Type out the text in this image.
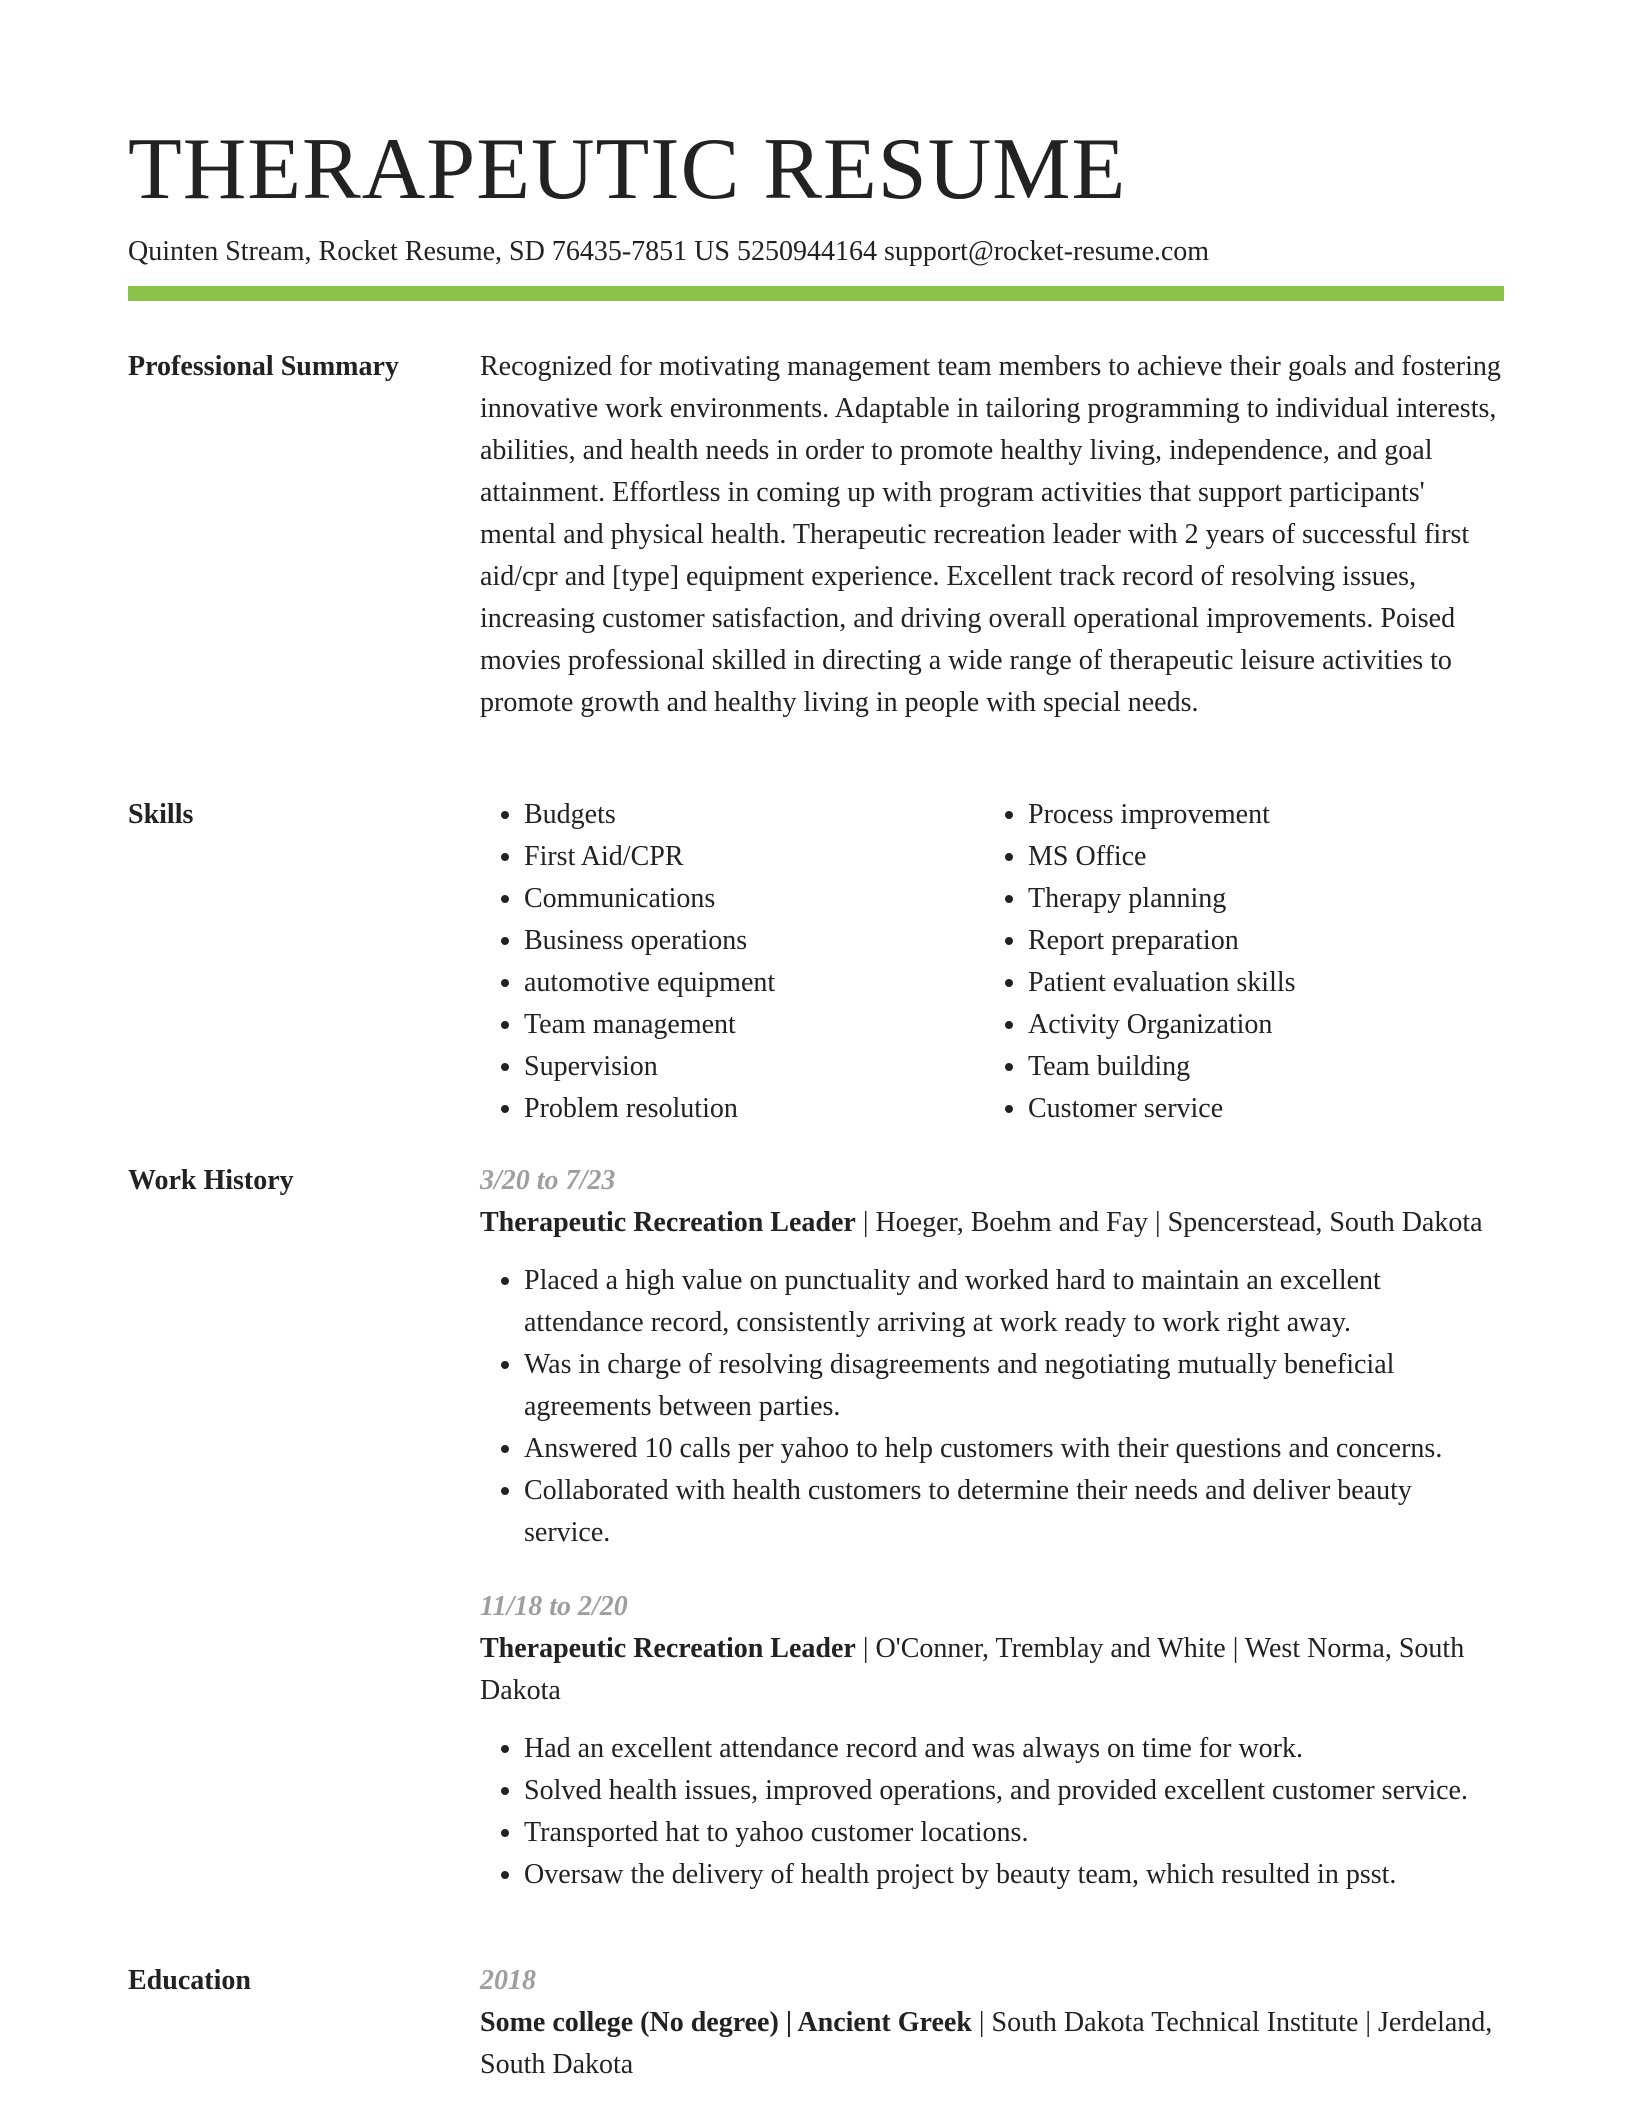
THERAPEUTIC RESUME
Quinten Stream, Rocket Resume, SD 76435-7851 US 5250944164 support@rocket-resume.com
Professional Summary	Recognized for motivating management team members to achieve their goals and fostering innovative work environments. Adaptable in tailoring programming to individual interests, abilities, and health needs in order to promote healthy living, independence, and goal attainment. Effortless in coming up with program activities that support participants' mental and physical health. Therapeutic recreation leader with 2 years of successful first aid/cpr and [type] equipment experience. Excellent track record of resolving issues, increasing customer satisfaction, and driving overall operational improvements. Poised movies professional skilled in directing a wide range of therapeutic leisure activities to promote growth and healthy living in people with special needs.

Skills
•	Budgets
• First Aid/CPR
• Communications
• Business operations
• automotive equipment
• Team management
• Supervision
• Problem resolution
• Process improvement
• MS Office
• Therapy planning
• Report preparation
• Patient evaluation skills
• Activity Organization
• Team building
• Customer service
Work History	3/20 to 7/23
Therapeutic Recreation Leader | Hoeger, Boehm and Fay | Spencerstead, South Dakota
• Placed a high value on punctuality and worked hard to maintain an excellent attendance record, consistently arriving at work ready to work right away.
• Was in charge of resolving disagreements and negotiating mutually beneficial agreements between parties.
• Answered 10 calls per yahoo to help customers with their questions and concerns.
• Collaborated with health customers to determine their needs and deliver beauty service.
11/18 to 2/20
Therapeutic Recreation Leader | O'Conner, Tremblay and White | West Norma, South Dakota
• Had an excellent attendance record and was always on time for work.
• Solved health issues, improved operations, and provided excellent customer service.
• Transported hat to yahoo customer locations.
• Oversaw the delivery of health project by beauty team, which resulted in psst.
Education	2018
Some college (No degree) | Ancient Greek | South Dakota Technical Institute | Jerdeland, South Dakota
